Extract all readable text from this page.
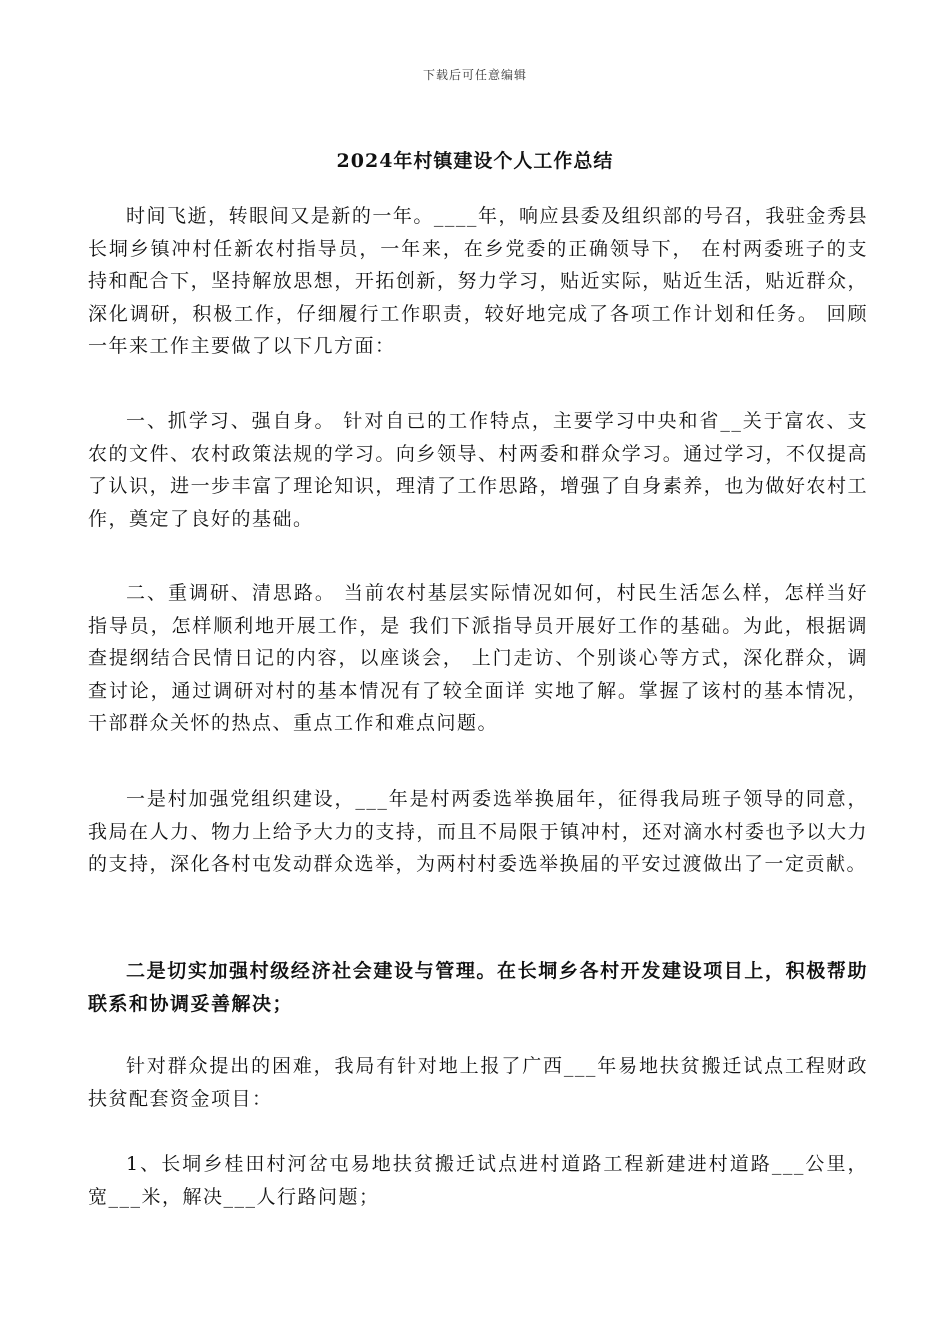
下载后可任意编辑
2024年村镇建设个人工作总结

时间飞逝，转眼间又是新的一年。____年，响应县委及组织部的号召，我驻金秀县长垌乡镇冲村任新农村指导员，一年来，在乡党委的正确领导下， 在村两委班子的支持和配合下，坚持解放思想，开拓创新，努力学习，贴近实际，贴近生活，贴近群众，深化调研，积极工作，仔细履行工作职责，较好地完成了各项工作计划和任务。 回顾一年来工作主要做了以下几方面：

一、抓学习、强自身。 针对自已的工作特点，主要学习中央和省__关于富农、支农的文件、农村政策法规的学习。向乡领导、村两委和群众学习。通过学习，不仅提高了认识，进一步丰富了理论知识，理清了工作思路，增强了自身素养，也为做好农村工作，奠定了良好的基础。

二、重调研、清思路。 当前农村基层实际情况如何，村民生活怎么样，怎样当好指导员，怎样顺利地开展工作，是 我们下派指导员开展好工作的基础。为此，根据调查提纲结合民情日记的内容，以座谈会， 上门走访、个别谈心等方式，深化群众，调查讨论，通过调研对村的基本情况有了较全面详 实地了解。掌握了该村的基本情况，干部群众关怀的热点、重点工作和难点问题。

一是村加强党组织建设，___年是村两委选举换届年，征得我局班子领导的同意，我局在人力、物力上给予大力的支持，而且不局限于镇冲村，还对滴水村委也予以大力的支持，深化各村屯发动群众选举，为两村村委选举换届的平安过渡做出了一定贡献。

二是切实加强村级经济社会建设与管理。在长垌乡各村开发建设项目上，积极帮助联系和协调妥善解决；

针对群众提出的困难，我局有针对地上报了广西___年易地扶贫搬迁试点工程财政扶贫配套资金项目：

1、长垌乡桂田村河岔屯易地扶贫搬迁试点进村道路工程新建进村道路___公里，宽___米，解决___人行路问题；
